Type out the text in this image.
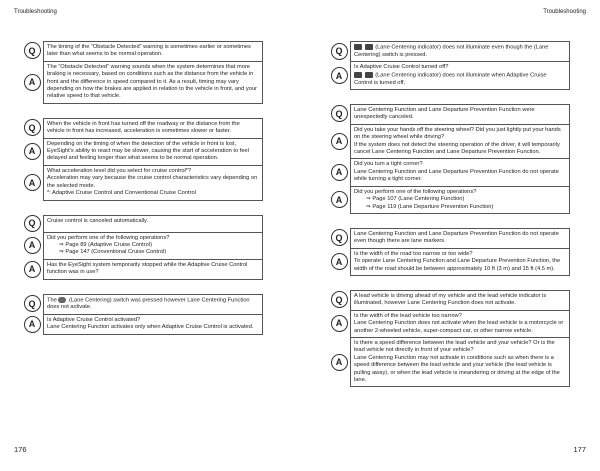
Troubleshooting	Troubleshooting
Q	The timing of the “Obstacle Detected” warning is sometimes earlier or sometimes later than what seems to be normal operation.
A
The “Obstacle Detected” warning sounds when the system determines that more braking is necessary, based on conditions such as the distance from the vehicle in front and the difference in speed compared to it. As a result, timing may vary depending on how the brakes are applied in relation to the vehicle in front, and your relative speed to that vehicle.
Q	When the vehicle in front has turned off the roadway or the distance from the vehicle in front has increased, acceleration is sometimes slower or faster.
A
Depending on the timing of when the detection of the vehicle in front is lost, EyeSight’s ability to react may be slower, causing the start of acceleration to feel delayed and feeling longer than what seems to be normal operation.
A
What acceleration level did you select for cruise control*?
Acceleration may vary because the cruise control characteristics vary depending on the selected mode.
*: Adaptive Cruise Control and Conventional Cruise Control
Q	Cruise control is canceled automatically.
A
Did you perform one of the following operations?
⇒ Page 89 (Adaptive Cruise Control)
⇒ Page 147 (Conventional Cruise Control)
A	Has the EyeSight system temporarily stopped while the Adaptive Cruise Control function was in use?
Q	The (Lane Centering) switch was pressed however Lane Centering Function does not activate.
A	Is Adaptive Cruise Control activated?
Lane Centering Function activates only when Adaptive Cruise Control is activated.
Q	(Lane Centering indicator) does not illuminate even though the (Lane Centering) switch is pressed.
A
Is Adaptive Cruise Control turned off?
(Lane Centering indicator) does not illuminate when Adaptive Cruise Control is turned off.
Q	Lane Centering Function and Lane Departure Prevention Function were unexpectedly canceled.
A
Did you take your hands off the steering wheel? Did you just lightly put your hands on the steering wheel while driving?
If the system does not detect the steering operation of the driver, it will temporarily cancel Lane Centering Function and Lane Departure Prevention Function.
A
Did you turn a tight corner?
Lane Centering Function and Lane Departure Prevention Function do not operate while turning a tight corner.
A
Did you perform one of the following operations?
⇒ Page 107 (Lane Centering Function)
⇒ Page 119 (Lane Departure Prevention Function)
Q	Lane Centering Function and Lane Departure Prevention Function do not operate even though there are lane markers.
A
Is the width of the road too narrow or too wide?
To operate Lane Centering Function and Lane Departure Prevention Function, the width of the road should be between approximately 10 ft (3 m) and 15 ft (4.5 m).
Q	A lead vehicle is driving ahead of my vehicle and the lead vehicle indicator is illuminated, however Lane Centering Function does not activate.
A
Is the width of the lead vehicle too narrow?
Lane Centering Function does not activate when the lead vehicle is a motorcycle or another 2-wheeled vehicle, super-compact car, or other narrow vehicle.
A
Is there a speed difference between the lead vehicle and your vehicle? Or is the lead vehicle not directly in front of your vehicle?
Lane Centering Function may not activate in conditions such as when there is a speed difference between the lead vehicle and your vehicle (the lead vehicle is pulling away), or when the lead vehicle is meandering or driving at the edge of the lane.
176	177
